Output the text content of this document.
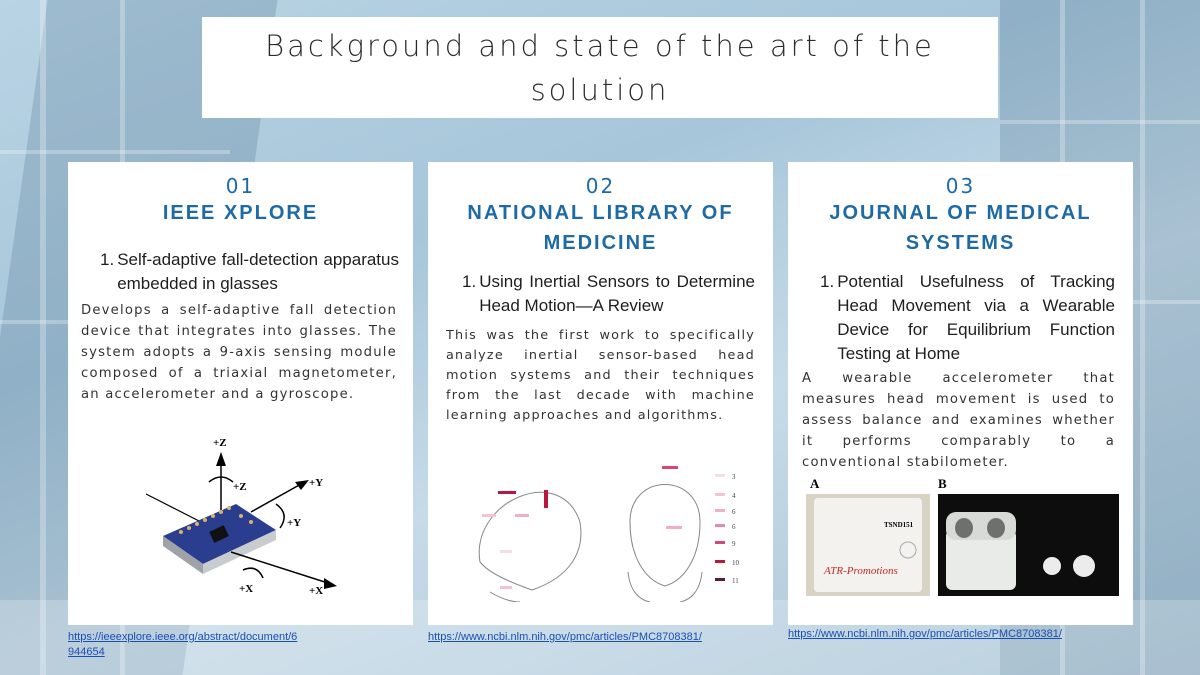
Background and state of the art of the solution
01
IEEE XPLORE
1. Self-adaptive fall-detection apparatus embedded in glasses
Develops a self-adaptive fall detection device that integrates into glasses. The system adopts a 9-axis sensing module composed of a triaxial magnetometer, an accelerometer and a gyroscope.
+Z
+Z	+Y
+Y
+X
+X
02
NATIONAL LIBRARY OF MEDICINE
1. Using Inertial Sensors to Determine Head Motion—A Review
This was the first work to specifically analyze inertial sensor-based head motion systems and their techniques from the last decade with machine learning approaches and algorithms.
3
4
6
6
9
10
11
03
JOURNAL OF MEDICAL SYSTEMS
1. Potential Usefulness of Tracking Head Movement via a Wearable Device for Equilibrium Function Testing at Home
A wearable accelerometer that measures head movement is used to assess balance and examines whether it performs comparably to a conventional stabilometer.
A	B
TSND151
ATR-Promotions
https://ieeexplore.ieee.org/abstract/document/6944654
https://www.ncbi.nlm.nih.gov/pmc/articles/PMC8708381/	https://www.ncbi.nlm.nih.gov/pmc/articles/PMC8708381/
